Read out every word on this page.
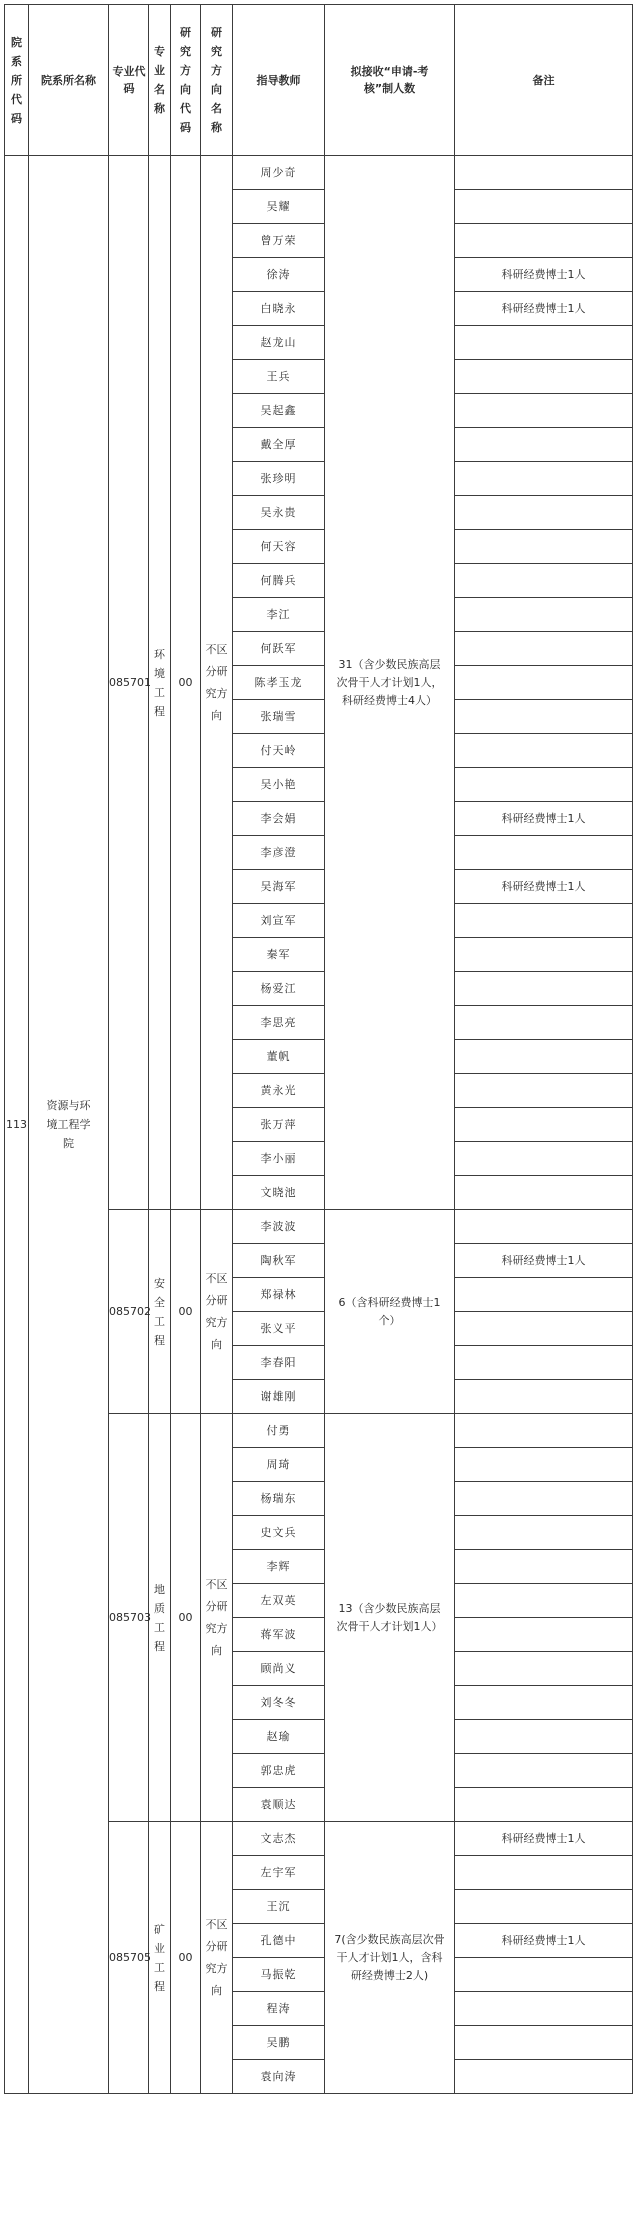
院系所代码	院系所名称	专业代码	专业名称	研究方向代码	研究方向名称	指导教师	拟接收“申请-考核”制人数	备注
113	资源与环境工程学院	085701	环境工程	00	不区分研究方向	周少奇	31（含少数民族高层次骨干人才计划1人，科研经费博士4人）	
						吴耀		
						曾万荣		
						徐涛		科研经费博士1人
						白晓永		科研经费博士1人
						赵龙山		
						王兵		
						吴起鑫		
						戴全厚		
						张珍明		
						吴永贵		
						何天容		
						何腾兵		
						李江		
						何跃军		
						陈孝玉龙		
						张瑞雪		
						付天岭		
						吴小艳		
						李会娟		科研经费博士1人
						李彦澄		
						吴海军		科研经费博士1人
						刘宣军		
						秦军		
						杨爱江		
						李思亮		
						董帆		
						黄永光		
						张万萍		
						李小丽		
						文晓池		
		085702	安全工程	00	不区分研究方向	李波波	6（含科研经费博士1个）	
						陶秋军		科研经费博士1人
						郑禄林		
						张义平		
						李春阳		
						谢雄刚		
		085703	地质工程	00	不区分研究方向	付勇	13（含少数民族高层次骨干人才计划1人）	
						周琦		
						杨瑞东		
						史文兵		
						李辉		
						左双英		
						蒋军波		
						顾尚义		
						刘冬冬		
						赵瑜		
						郭忠虎		
						袁顺达		
		085705	矿业工程	00	不区分研究方向	文志杰	7(含少数民族高层次骨干人才计划1人，含科研经费博士2人)	科研经费博士1人
						左宇军		
						王沉		
						孔德中		科研经费博士1人
						马振乾		
						程涛		
						吴鹏		
						袁向涛		
